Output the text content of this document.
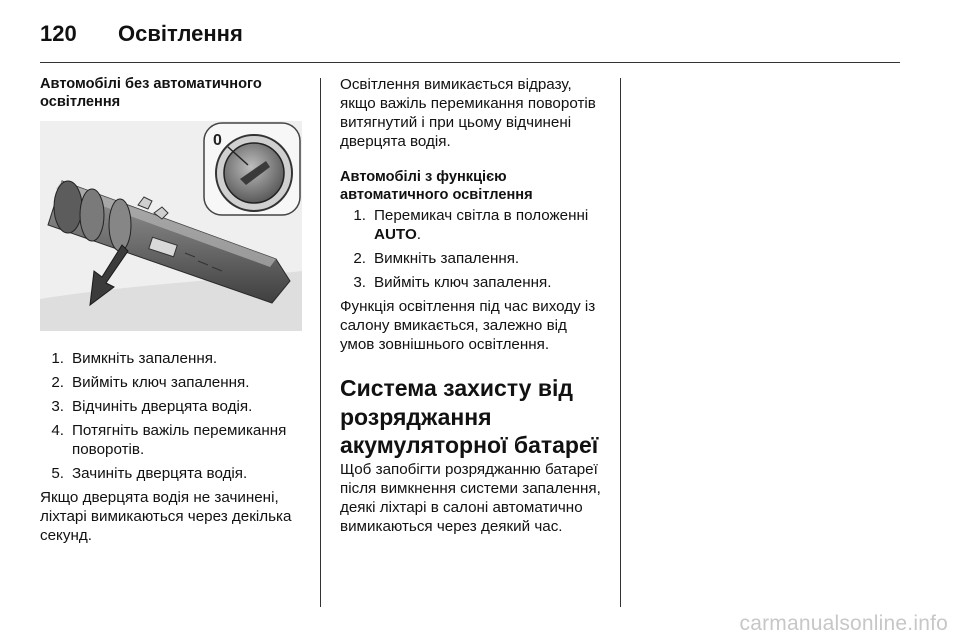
120	Освітлення

Автомобілі без автоматичного освітлення

0
1. Вимкніть запалення.
2. Вийміть ключ запалення.
3. Відчиніть дверцята водія.
4. Потягніть важіль перемикання поворотів.
5. Зачиніть дверцята водія.

Якщо дверцята водія не зачинені, ліхтарі вимикаються через декілька секунд.

Освітлення вимикається відразу, якщо важіль перемикання поворотів витягнутий і при цьому відчинені дверцята водія.

Автомобілі з функцією автоматичного освітлення

1. Перемикач світла в положенні AUTO.
2. Вимкніть запалення.
3. Вийміть ключ запалення.

Функція освітлення під час виходу із салону вмикається, залежно від умов зовнішнього освітлення.

Система захисту від розряджання акумуляторної батареї

Щоб запобігти розряджанню батареї після вимкнення системи запалення, деякі ліхтарі в салоні автоматично вимикаються через деякий час.

carmanualsonline.info
